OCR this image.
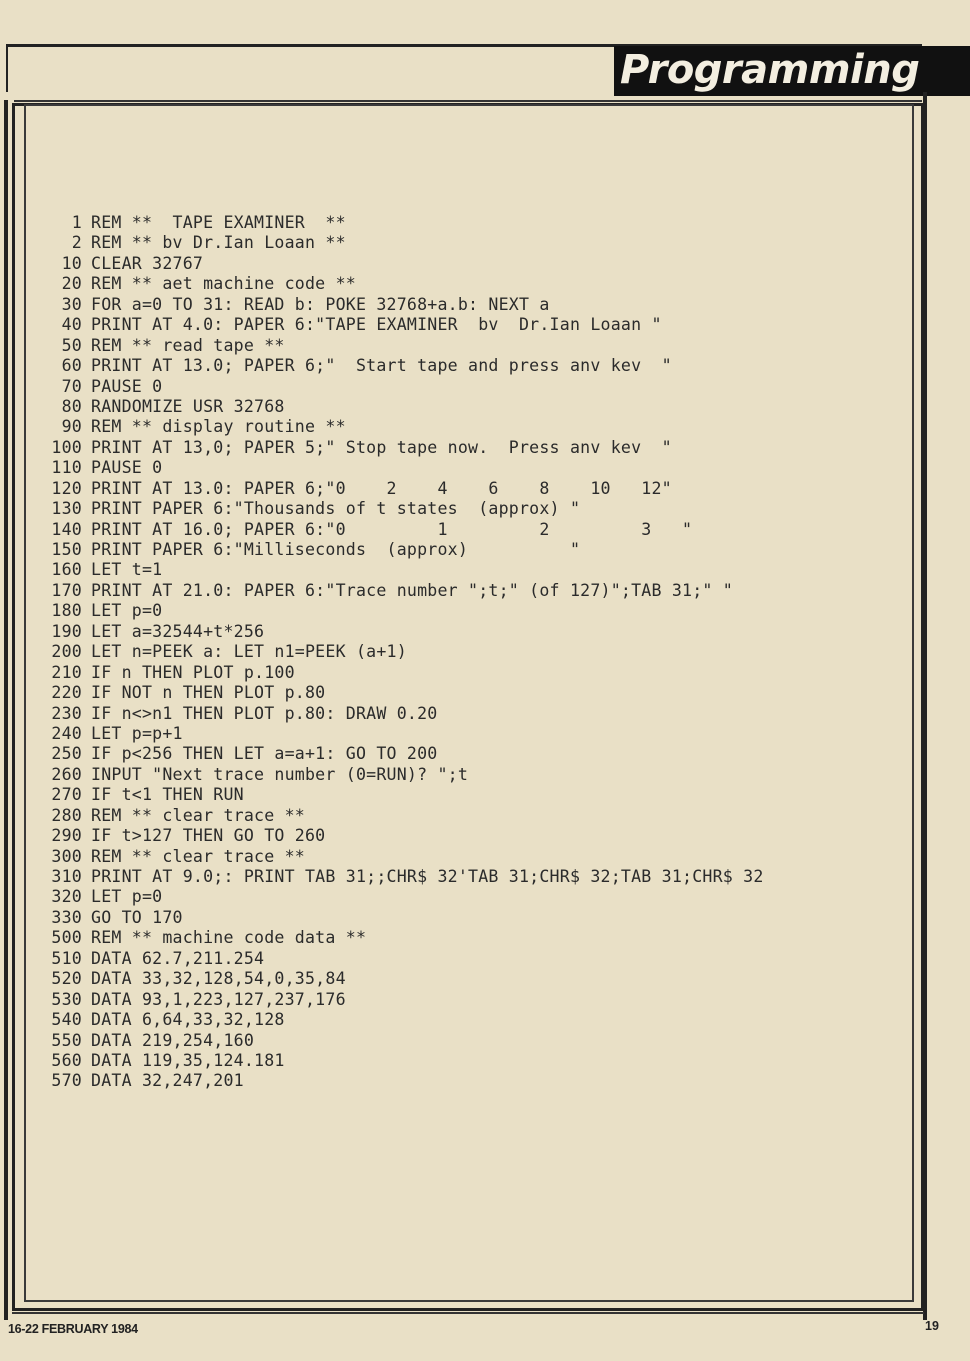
Programming
1 REM **  TAPE EXAMINER  **
2 REM ** bv Dr.Ian Loaan **
10 CLEAR 32767
20 REM ** aet machine code **
30 FOR a=0 TO 31: READ b: POKE 32768+a.b: NEXT a
40 PRINT AT 4.0: PAPER 6:"TAPE EXAMINER  bv  Dr.Ian Loaan "
50 REM ** read tape **
60 PRINT AT 13.0; PAPER 6;"  Start tape and press anv kev  "
70 PAUSE 0
80 RANDOMIZE USR 32768
90 REM ** display routine **
100 PRINT AT 13,0; PAPER 5;" Stop tape now.  Press anv kev  "
110 PAUSE 0
120 PRINT AT 13.0: PAPER 6;"0    2    4    6    8    10   12"
130 PRINT PAPER 6:"Thousands of t states  (approx) "
140 PRINT AT 16.0; PAPER 6:"0         1         2         3   "
150 PRINT PAPER 6:"Milliseconds  (approx)          "
160 LET t=1
170 PRINT AT 21.0: PAPER 6:"Trace number ";t;" (of 127)";TAB 31;" "
180 LET p=0
190 LET a=32544+t*256
200 LET n=PEEK a: LET n1=PEEK (a+1)
210 IF n THEN PLOT p.100
220 IF NOT n THEN PLOT p.80
230 IF n<>n1 THEN PLOT p.80: DRAW 0.20
240 LET p=p+1
250 IF p<256 THEN LET a=a+1: GO TO 200
260 INPUT "Next trace number (0=RUN)? ";t
270 IF t<1 THEN RUN
280 REM ** clear trace **
290 IF t>127 THEN GO TO 260
300 REM ** clear trace **
310 PRINT AT 9.0;: PRINT TAB 31;;CHR$ 32'TAB 31;CHR$ 32;TAB 31;CHR$ 32
320 LET p=0
330 GO TO 170
500 REM ** machine code data **
510 DATA 62.7,211.254
520 DATA 33,32,128,54,0,35,84
530 DATA 93,1,223,127,237,176
540 DATA 6,64,33,32,128
550 DATA 219,254,160
560 DATA 119,35,124.181
570 DATA 32,247,201
16-22 FEBRUARY 1984	19
